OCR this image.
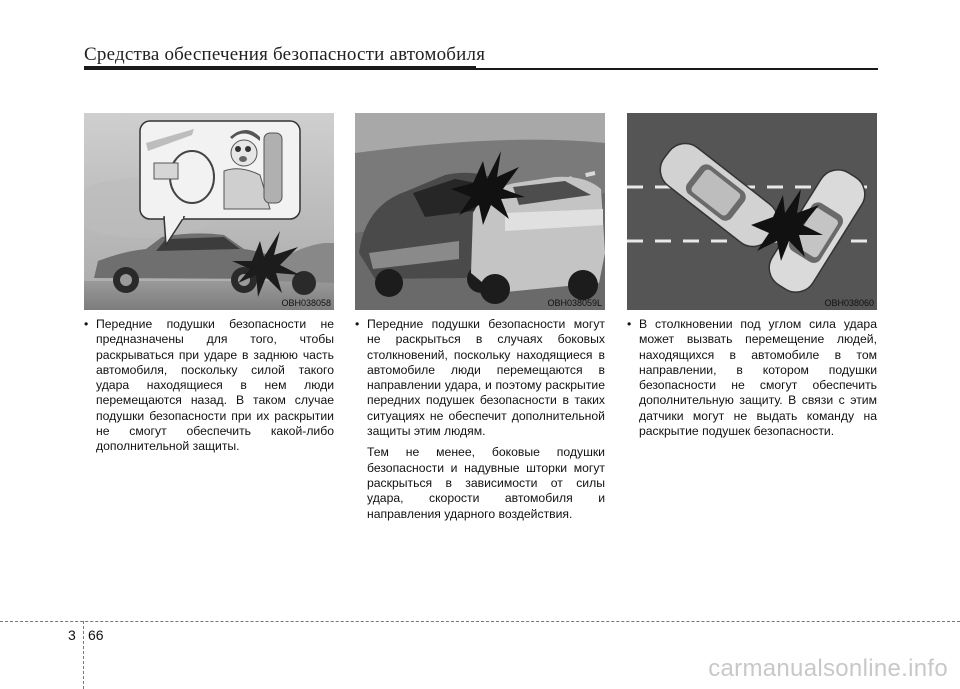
Средства обеспечения безопасности автомобиля
OBH038058	OBH038059L	OBH038060

• Передние подушки безопасности не предназначены для того, чтобы раскрываться при ударе в заднюю часть автомобиля, поскольку силой такого удара находящиеся в нем люди перемещаются назад. В таком случае подушки безопасности при их раскрытии не смогут обеспечить какой-либо дополнительной защиты.

• Передние подушки безопасности могут не раскрыться в случаях боковых столкновений, поскольку находящиеся в автомобиле люди перемещаются в направлении удара, и поэтому раскрытие передних подушек безопасности в таких ситуациях не обеспечит дополнительной защиты этим людям.

Тем не менее, боковые подушки безопасности и надувные шторки могут раскрыться в зависимости от силы удара, скорости автомобиля и направления ударного воздействия.

• В столкновении под углом сила удара может вызвать перемещение людей, находящихся в автомобиле в том направлении, в котором подушки безопасности не смогут обеспечить дополнительную защиту. В связи с этим датчики могут не выдать команду на раскрытие подушек безопасности.

3 66
carmanualsonline.info
